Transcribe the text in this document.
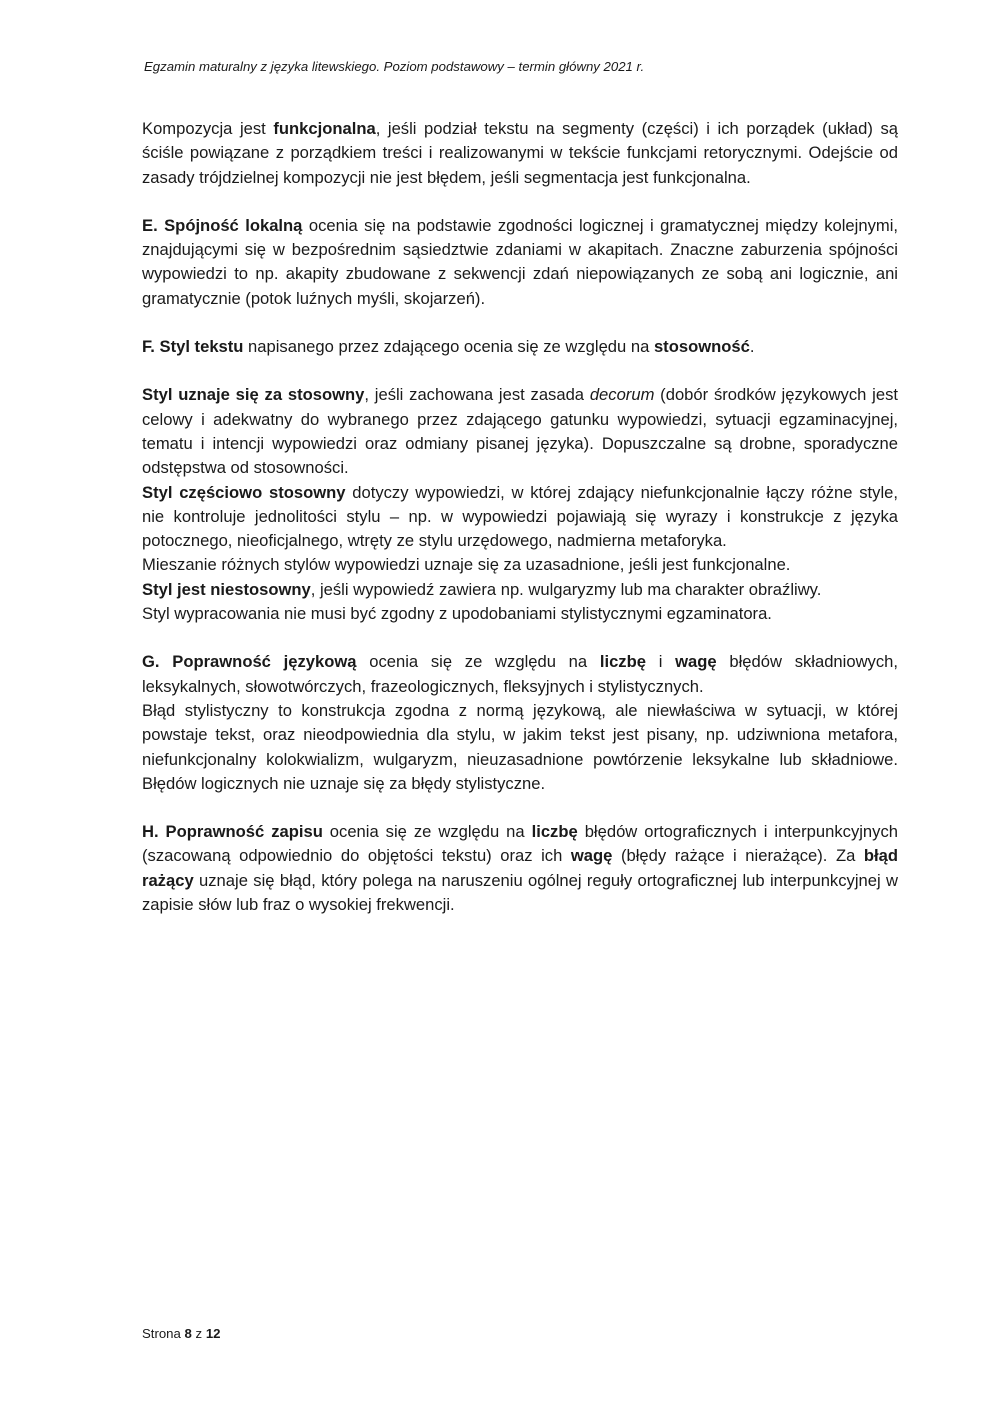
Egzamin maturalny z języka litewskiego. Poziom podstawowy – termin główny 2021 r.

Kompozycja jest funkcjonalna, jeśli podział tekstu na segmenty (części) i ich porządek (układ) są ściśle powiązane z porządkiem treści i realizowanymi w tekście funkcjami retorycznymi. Odejście od zasady trójdzielnej kompozycji nie jest błędem, jeśli segmentacja jest funkcjonalna.

E. Spójność lokalną ocenia się na podstawie zgodności logicznej i gramatycznej między kolejnymi, znajdującymi się w bezpośrednim sąsiedztwie zdaniami w akapitach. Znaczne zaburzenia spójności wypowiedzi to np. akapity zbudowane z sekwencji zdań niepowiązanych ze sobą ani logicznie, ani gramatycznie (potok luźnych myśli, skojarzeń).

F. Styl tekstu napisanego przez zdającego ocenia się ze względu na stosowność.

Styl uznaje się za stosowny, jeśli zachowana jest zasada decorum (dobór środków językowych jest celowy i adekwatny do wybranego przez zdającego gatunku wypowiedzi, sytuacji egzaminacyjnej, tematu i intencji wypowiedzi oraz odmiany pisanej języka). Dopuszczalne są drobne, sporadyczne odstępstwa od stosowności.

Styl częściowo stosowny dotyczy wypowiedzi, w której zdający niefunkcjonalnie łączy różne style, nie kontroluje jednolitości stylu – np. w wypowiedzi pojawiają się wyrazy i konstrukcje z języka potocznego, nieoficjalnego, wtręty ze stylu urzędowego, nadmierna metaforyka.

Mieszanie różnych stylów wypowiedzi uznaje się za uzasadnione, jeśli jest funkcjonalne.

Styl jest niestosowny, jeśli wypowiedź zawiera np. wulgaryzmy lub ma charakter obraźliwy.

Styl wypracowania nie musi być zgodny z upodobaniami stylistycznymi egzaminatora.

G. Poprawność językową ocenia się ze względu na liczbę i wagę błędów składniowych, leksykalnych, słowotwórczych, frazeologicznych, fleksyjnych i stylistycznych.

Błąd stylistyczny to konstrukcja zgodna z normą językową, ale niewłaściwa w sytuacji, w której powstaje tekst, oraz nieodpowiednia dla stylu, w jakim tekst jest pisany, np. udziwniona metafora, niefunkcjonalny kolokwializm, wulgaryzm, nieuzasadnione powtórzenie leksykalne lub składniowe. Błędów logicznych nie uznaje się za błędy stylistyczne.

H. Poprawność zapisu ocenia się ze względu na liczbę błędów ortograficznych i interpunkcyjnych (szacowaną odpowiednio do objętości tekstu) oraz ich wagę (błędy rażące i nierażące). Za błąd rażący uznaje się błąd, który polega na naruszeniu ogólnej reguły ortograficznej lub interpunkcyjnej w zapisie słów lub fraz o wysokiej frekwencji.

Strona 8 z 12
